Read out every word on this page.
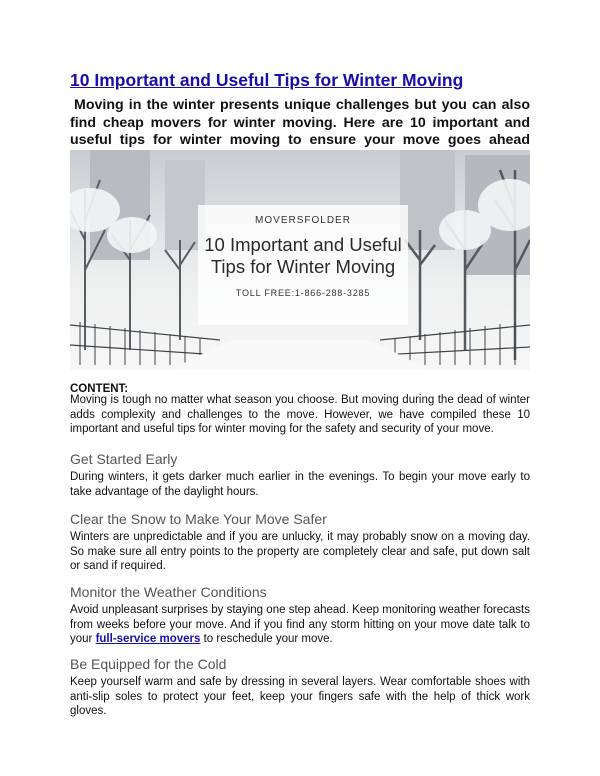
10 Important and Useful Tips for Winter Moving

Moving in the winter presents unique challenges but you can also find cheap movers for winter moving. Here are 10 important and useful tips for winter moving to ensure your move goes ahead

MOVERSFOLDER
10 Important and Useful
Tips for Winter Moving
TOLL FREE:1-866-288-3285
CONTENT:

Moving is tough no matter what season you choose. But moving during the dead of winter adds complexity and challenges to the move. However, we have compiled these 10 important and useful tips for winter moving for the safety and security of your move.

Get Started Early

During winters, it gets darker much earlier in the evenings. To begin your move early to take advantage of the daylight hours.

Clear the Snow to Make Your Move Safer

Winters are unpredictable and if you are unlucky, it may probably snow on a moving day. So make sure all entry points to the property are completely clear and safe, put down salt or sand if required.

Monitor the Weather Conditions

Avoid unpleasant surprises by staying one step ahead. Keep monitoring weather forecasts from weeks before your move. And if you find any storm hitting on your move date talk to your full-service movers to reschedule your move.

Be Equipped for the Cold

Keep yourself warm and safe by dressing in several layers. Wear comfortable shoes with anti-slip soles to protect your feet, keep your fingers safe with the help of thick work gloves.
